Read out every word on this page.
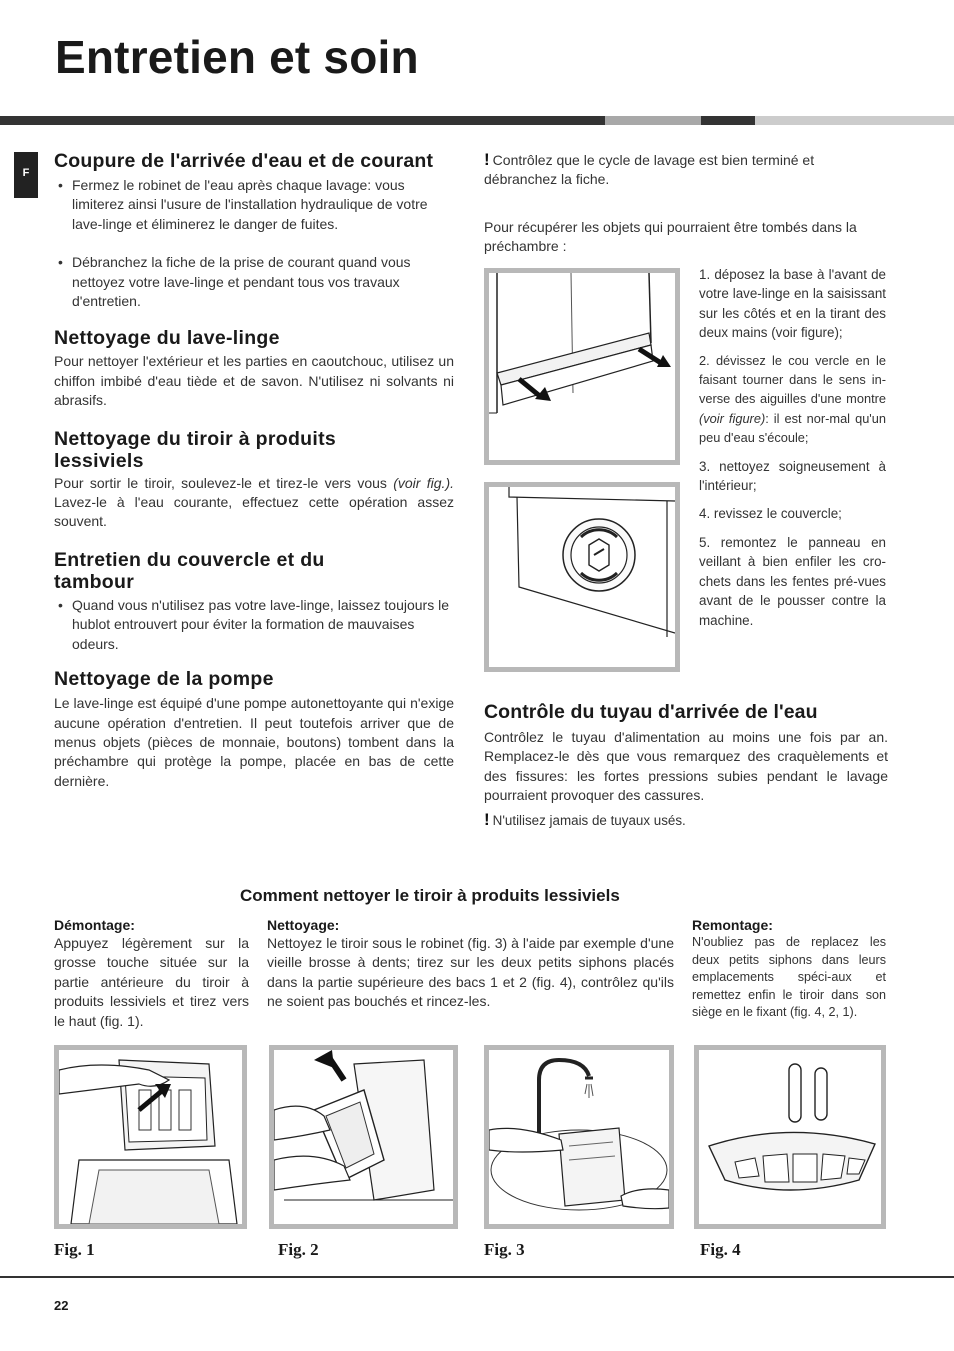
Entretien et soin
F
Coupure de l'arrivée d'eau et de courant
• Fermez le robinet de l'eau après chaque lavage: vous limiterez ainsi l'usure de l'installation hydraulique de votre lave-linge et éliminerez le danger de fuites.
• Débranchez la fiche de la prise de courant quand vous nettoyez votre lave-linge et pendant tous vos travaux d'entretien.
Nettoyage du lave-linge

Pour nettoyer l'extérieur et les parties en caoutchouc, utilisez un chiffon imbibé d'eau tiède et de savon. N'utilisez ni solvants ni abrasifs.

Nettoyage du tiroir à produits lessiviels

Pour sortir le tiroir, soulevez-le et tirez-le vers vous (voir fig.). Lavez-le à l'eau courante, effectuez cette opération assez souvent.

Entretien du couvercle et du tambour
• Quand vous n'utilisez pas votre lave-linge, laissez toujours le hublot entrouvert pour éviter la formation de mauvaises odeurs.
Nettoyage de la pompe

Le lave-linge est équipé d'une pompe autonettoyante qui n'exige aucune opération d'entretien. Il peut toutefois arriver que de menus objets (pièces de monnaie, boutons) tombent dans la préchambre qui protège la pompe, placée en bas de cette dernière.

! Contrôlez que le cycle de lavage est bien terminé et débranchez la fiche.

Pour récupérer les objets qui pourraient être tombés dans la préchambre :

1. déposez la base à l'avant de votre lave-linge en la saisissant sur les côtés et en la tirant des deux mains (voir figure);

2. dévissez le cou vercle en le faisant tourner dans le sens in-verse des aiguilles d'une montre (voir figure): il est nor-mal qu'un peu d'eau s'écoule;

3. nettoyez soigneusement à l'intérieur;

4. revissez le couvercle;

5. remontez le panneau en veillant à bien enfiler les cro-chets dans les fentes pré-vues avant de le pousser contre la machine.

Contrôle du tuyau d'arrivée de l'eau

Contrôlez le tuyau d'alimentation au moins une fois par an. Remplacez-le dès que vous remarquez des craquèlements et des fissures: les fortes pressions subies pendant le lavage pourraient provoquer des cassures.

! N'utilisez jamais de tuyaux usés.

Comment nettoyer le tiroir à produits lessiviels
Démontage:

Appuyez légèrement sur la grosse touche située sur la partie antérieure du tiroir à produits lessiviels et tirez vers le haut (fig. 1).

Nettoyage:

Nettoyez le tiroir sous le robinet (fig. 3) à l'aide par exemple d'une vieille brosse à dents; tirez sur les deux petits siphons placés dans la partie supérieure des bacs 1 et 2 (fig. 4), contrôlez qu'ils ne soient pas bouchés et rincez-les.

Remontage:

N'oubliez pas de replacez les deux petits siphons dans leurs emplacements spéci-aux et remettez enfin le tiroir dans son siège en le fixant (fig. 4, 2, 1).

Fig. 1	Fig. 2	Fig. 3	Fig. 4
22
